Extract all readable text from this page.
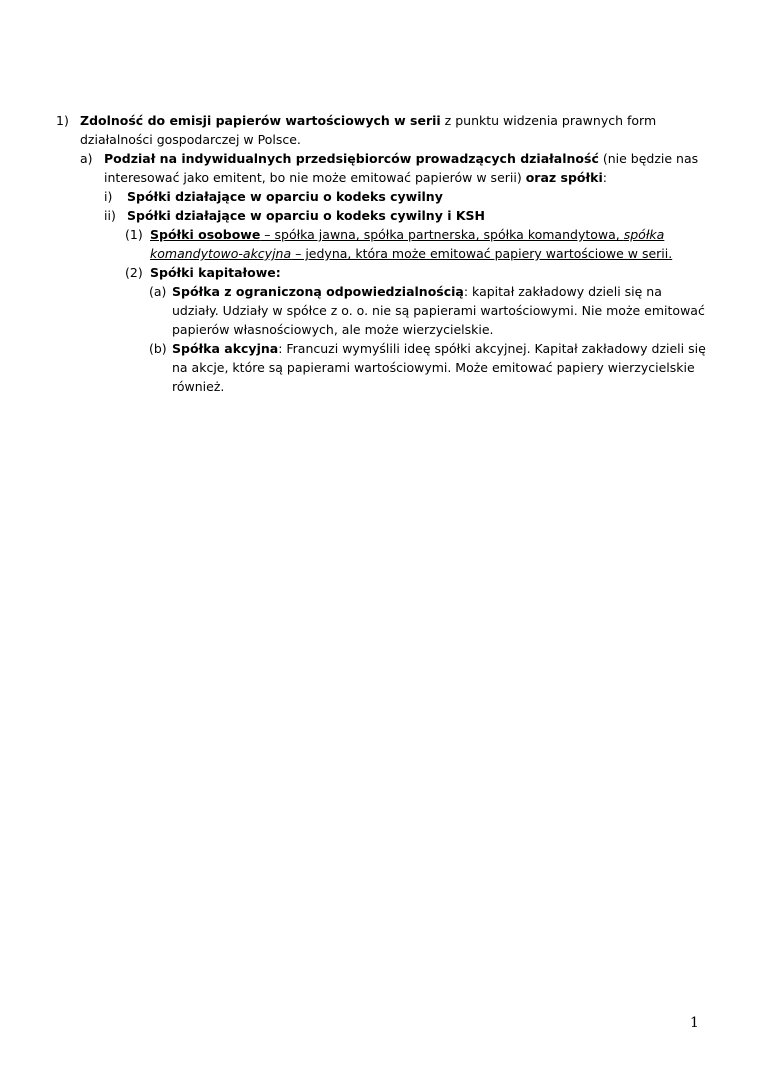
1) Zdolność do emisji papierów wartościowych w serii z punktu widzenia prawnych form działalności gospodarczej w Polsce.
a) Podział na indywidualnych przedsiębiorców prowadzących działalność (nie będzie nas interesować jako emitent, bo nie może emitować papierów w serii) oraz spółki:
i) Spółki działające w oparciu o kodeks cywilny
ii) Spółki działające w oparciu o kodeks cywilny i KSH
(1) Spółki osobowe – spółka jawna, spółka partnerska, spółka komandytowa, spółka komandytowo-akcyjna – jedyna, która może emitować papiery wartościowe w serii.
(2) Spółki kapitałowe:
(a) Spółka z ograniczoną odpowiedzialnością: kapitał zakładowy dzieli się na udziały. Udziały w spółce z o. o. nie są papierami wartościowymi. Nie może emitować papierów własnościowych, ale może wierzycielskie.
(b) Spółka akcyjna: Francuzi wymyślili ideę spółki akcyjnej. Kapitał zakładowy dzieli się na akcje, które są papierami wartościowymi. Może emitować papiery wierzycielskie również.
1
